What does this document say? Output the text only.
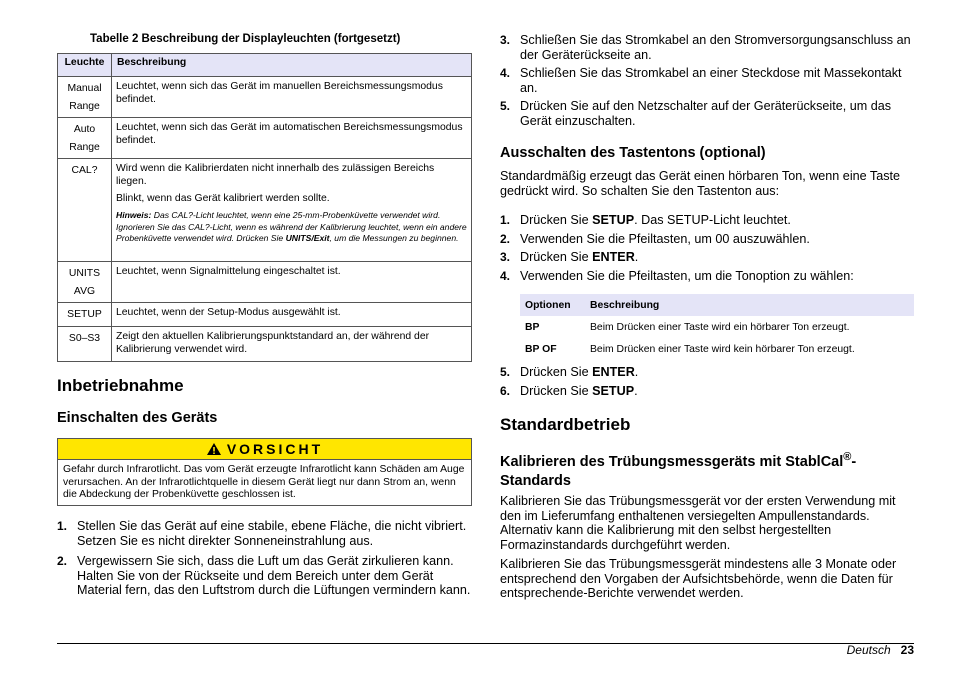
Tabelle 2 Beschreibung der Displayleuchten (fortgesetzt)
Leuchte	Beschreibung

Manual
Range	Leuchtet, wenn sich das Gerät im manuellen Bereichsmessungsmodus befindet.

Auto
Range	Leuchtet, wenn sich das Gerät im automatischen Bereichsmessungsmodus befindet.

CAL?	Wird wenn die Kalibrierdaten nicht innerhalb des zulässigen Bereichs liegen.

Blinkt, wenn das Gerät kalibriert werden sollte.

Hinweis: Das CAL?-Licht leuchtet, wenn eine 25-mm-Probenküvette verwendet wird. Ignorieren Sie das CAL?-Licht, wenn es während der Kalibrierung leuchtet, wenn ein andere Probenküvette verwendet wird. Drücken Sie UNITS/Exit, um die Messungen zu beginnen.

UNITS
AVG	Leuchtet, wenn Signalmittelung eingeschaltet ist.

SETUP	Leuchtet, wenn der Setup-Modus ausgewählt ist.

S0–S3	Zeigt den aktuellen Kalibrierungspunktstandard an, der während der Kalibrierung verwendet wird.

Inbetriebnahme
Einschalten des Geräts
VORSICHT
Gefahr durch Infrarotlicht. Das vom Gerät erzeugte Infrarotlicht kann Schäden am Auge verursachen. An der Infrarotlichtquelle in diesem Gerät liegt nur dann Strom an, wenn die Abdeckung der Probenküvette geschlossen ist.
1. Stellen Sie das Gerät auf eine stabile, ebene Fläche, die nicht vibriert. Setzen Sie es nicht direkter Sonneneinstrahlung aus.
2. Vergewissern Sie sich, dass die Luft um das Gerät zirkulieren kann. Halten Sie von der Rückseite und dem Bereich unter dem Gerät Material fern, das den Luftstrom durch die Lüftungen vermindern kann.
3. Schließen Sie das Stromkabel an den Stromversorgungsanschluss an der Geräterückseite an.
4. Schließen Sie das Stromkabel an einer Steckdose mit Massekontakt an.
5. Drücken Sie auf den Netzschalter auf der Geräterückseite, um das Gerät einzuschalten.
Ausschalten des Tastentons (optional)
Standardmäßig erzeugt das Gerät einen hörbaren Ton, wenn eine Taste gedrückt wird. So schalten Sie den Tastenton aus:
1. Drücken Sie SETUP. Das SETUP-Licht leuchtet.
2. Verwenden Sie die Pfeiltasten, um 00 auszuwählen.
3. Drücken Sie ENTER.
4. Verwenden Sie die Pfeiltasten, um die Tonoption zu wählen:
Optionen	Beschreibung
BP	Beim Drücken einer Taste wird ein hörbarer Ton erzeugt.
BP OF	Beim Drücken einer Taste wird kein hörbarer Ton erzeugt.
5. Drücken Sie ENTER.
6. Drücken Sie SETUP.
Standardbetrieb
Kalibrieren des Trübungsmessgeräts mit StablCal®-
Standards
Kalibrieren Sie das Trübungsmessgerät vor der ersten Verwendung mit den im Lieferumfang enthaltenen versiegelten Ampullenstandards. Alternativ kann die Kalibrierung mit den selbst hergestellten Formazinstandards durchgeführt werden.
Kalibrieren Sie das Trübungsmessgerät mindestens alle 3 Monate oder entsprechend den Vorgaben der Aufsichtsbehörde, wenn die Daten für entsprechende-Berichte verwendet werden.
Deutsch 23
